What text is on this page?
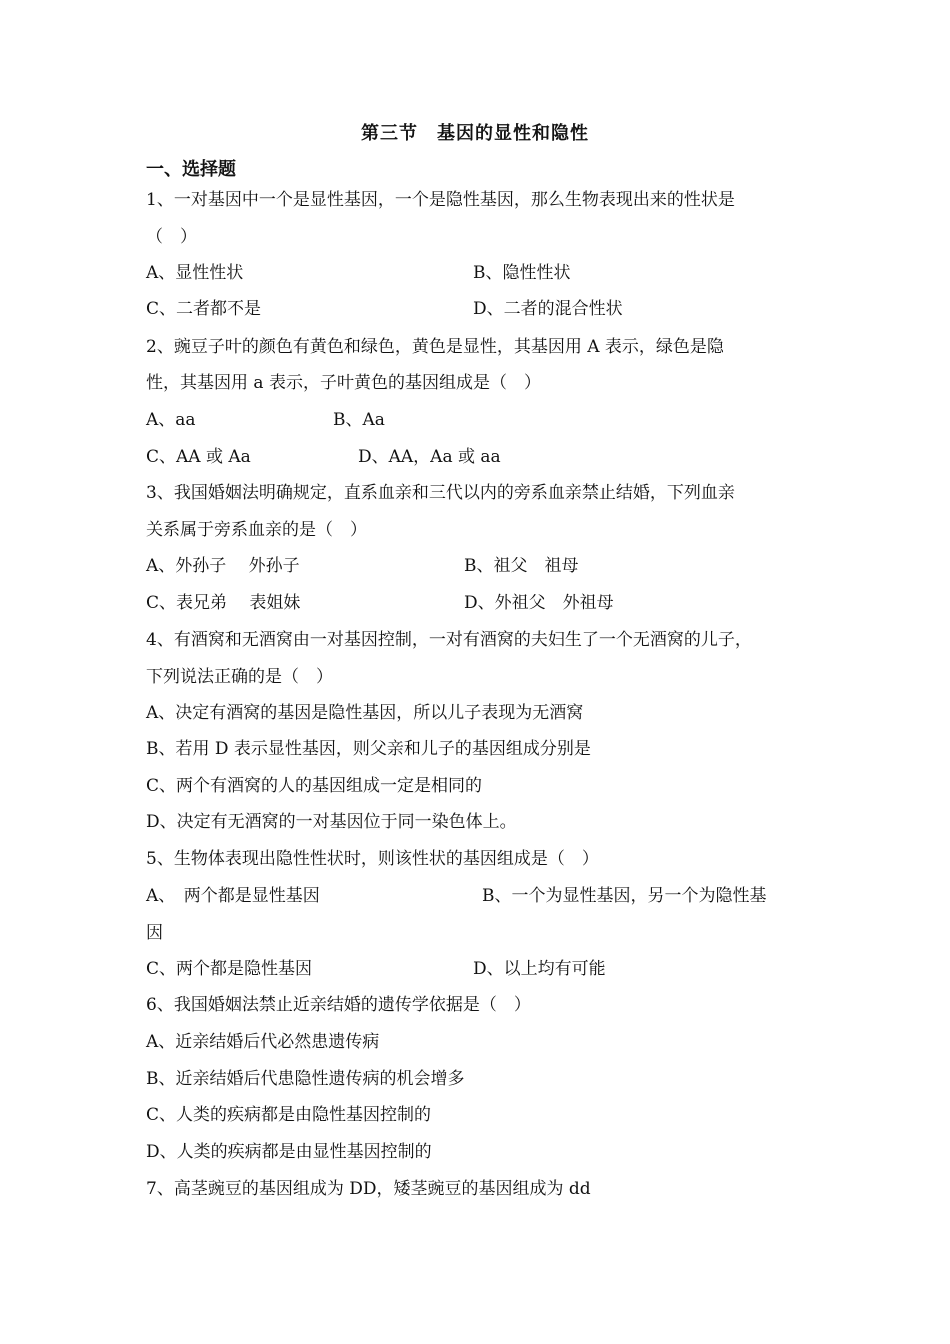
第三节　基因的显性和隐性
一、选择题
1、一对基因中一个是显性基因，一个是隐性基因，那么生物表现出来的性状是
（　）
A、显性性状	B、隐性性状
C、二者都不是	D、二者的混合性状
2、豌豆子叶的颜色有黄色和绿色，黄色是显性，其基因用 A 表示，绿色是隐
性，其基因用 a 表示，子叶黄色的基因组成是（　）
A、aa	B、Aa
C、AA 或 Aa	D、AA，Aa 或 aa
3、我国婚姻法明确规定，直系血亲和三代以内的旁系血亲禁止结婚，下列血亲
关系属于旁系血亲的是（　）
A、外孙子　 外孙子	B、祖父　祖母
C、表兄弟　 表姐妹	D、外祖父　外祖母
4、有酒窝和无酒窝由一对基因控制，一对有酒窝的夫妇生了一个无酒窝的儿子，
下列说法正确的是（　）
A、决定有酒窝的基因是隐性基因，所以儿子表现为无酒窝
B、若用 D 表示显性基因，则父亲和儿子的基因组成分别是
C、两个有酒窝的人的基因组成一定是相同的
D、决定有无酒窝的一对基因位于同一染色体上。
5、生物体表现出隐性性状时，则该性状的基因组成是（　）
A、　两个都是显性基因	B、一个为显性基因，另一个为隐性基
因
C、两个都是隐性基因	D、以上均有可能
6、我国婚姻法禁止近亲结婚的遗传学依据是（　）
A、近亲结婚后代必然患遗传病
B、近亲结婚后代患隐性遗传病的机会增多
C、人类的疾病都是由隐性基因控制的
D、人类的疾病都是由显性基因控制的
7、高茎豌豆的基因组成为 DD，矮茎豌豆的基因组成为 dd
